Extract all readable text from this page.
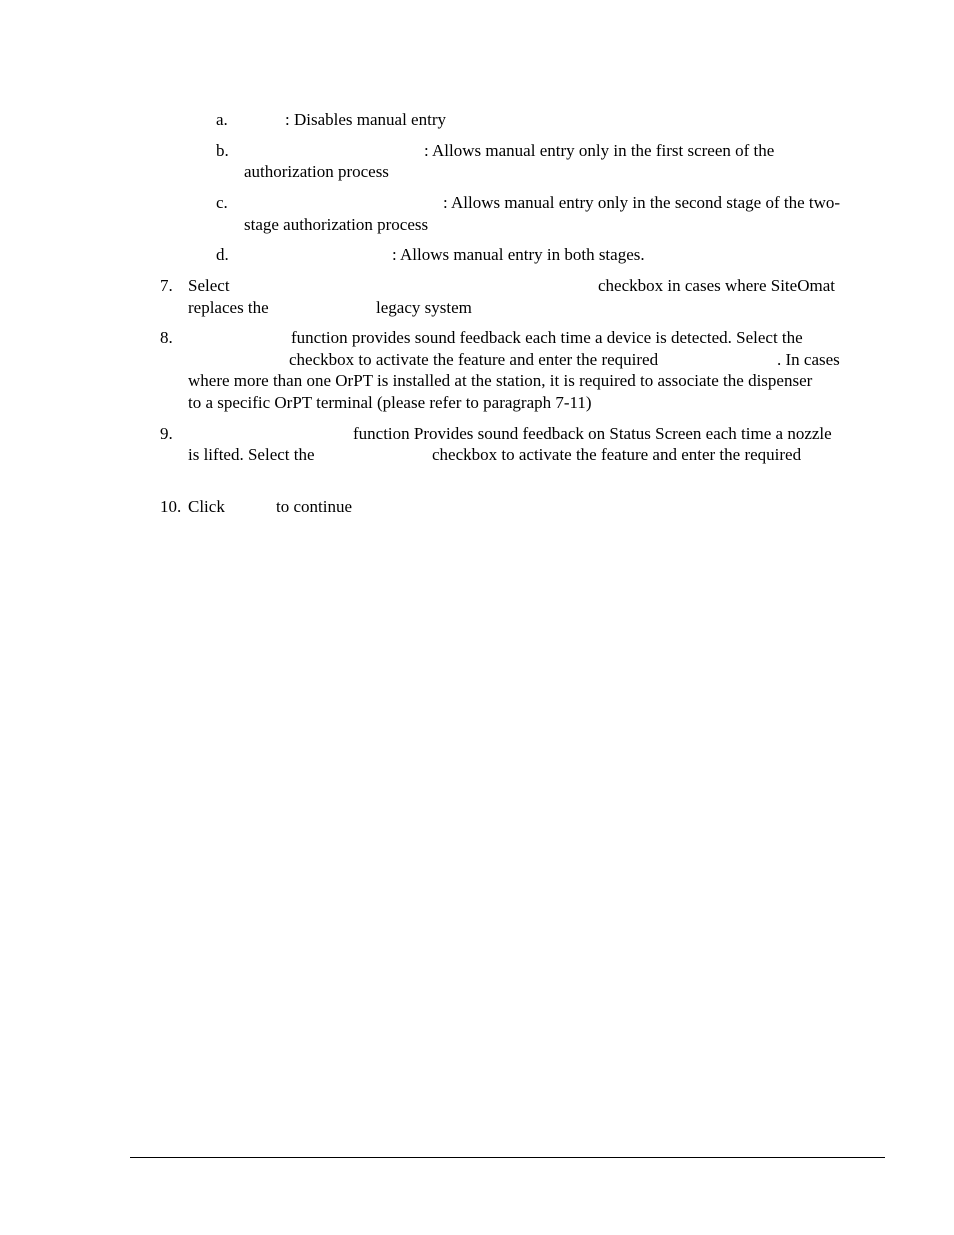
a.	: Disables manual entry
b.	: Allows manual entry only in the first screen of the
authorization process
c.	: Allows manual entry only in the second stage of the two-
stage authorization process
d.	: Allows manual entry in both stages.
7. Select	checkbox in cases where SiteOmat
replaces the	legacy system
8.	function provides sound feedback each time a device is detected. Select the
checkbox to activate the feature and enter the required	. In cases
where more than one OrPT is installed at the station, it is required to associate the dispenser
to a specific OrPT terminal (please refer to paragraph 7-11)
9.	function Provides sound feedback on Status Screen each time a nozzle
is lifted. Select the	checkbox to activate the feature and enter the required
10. Click	to continue
